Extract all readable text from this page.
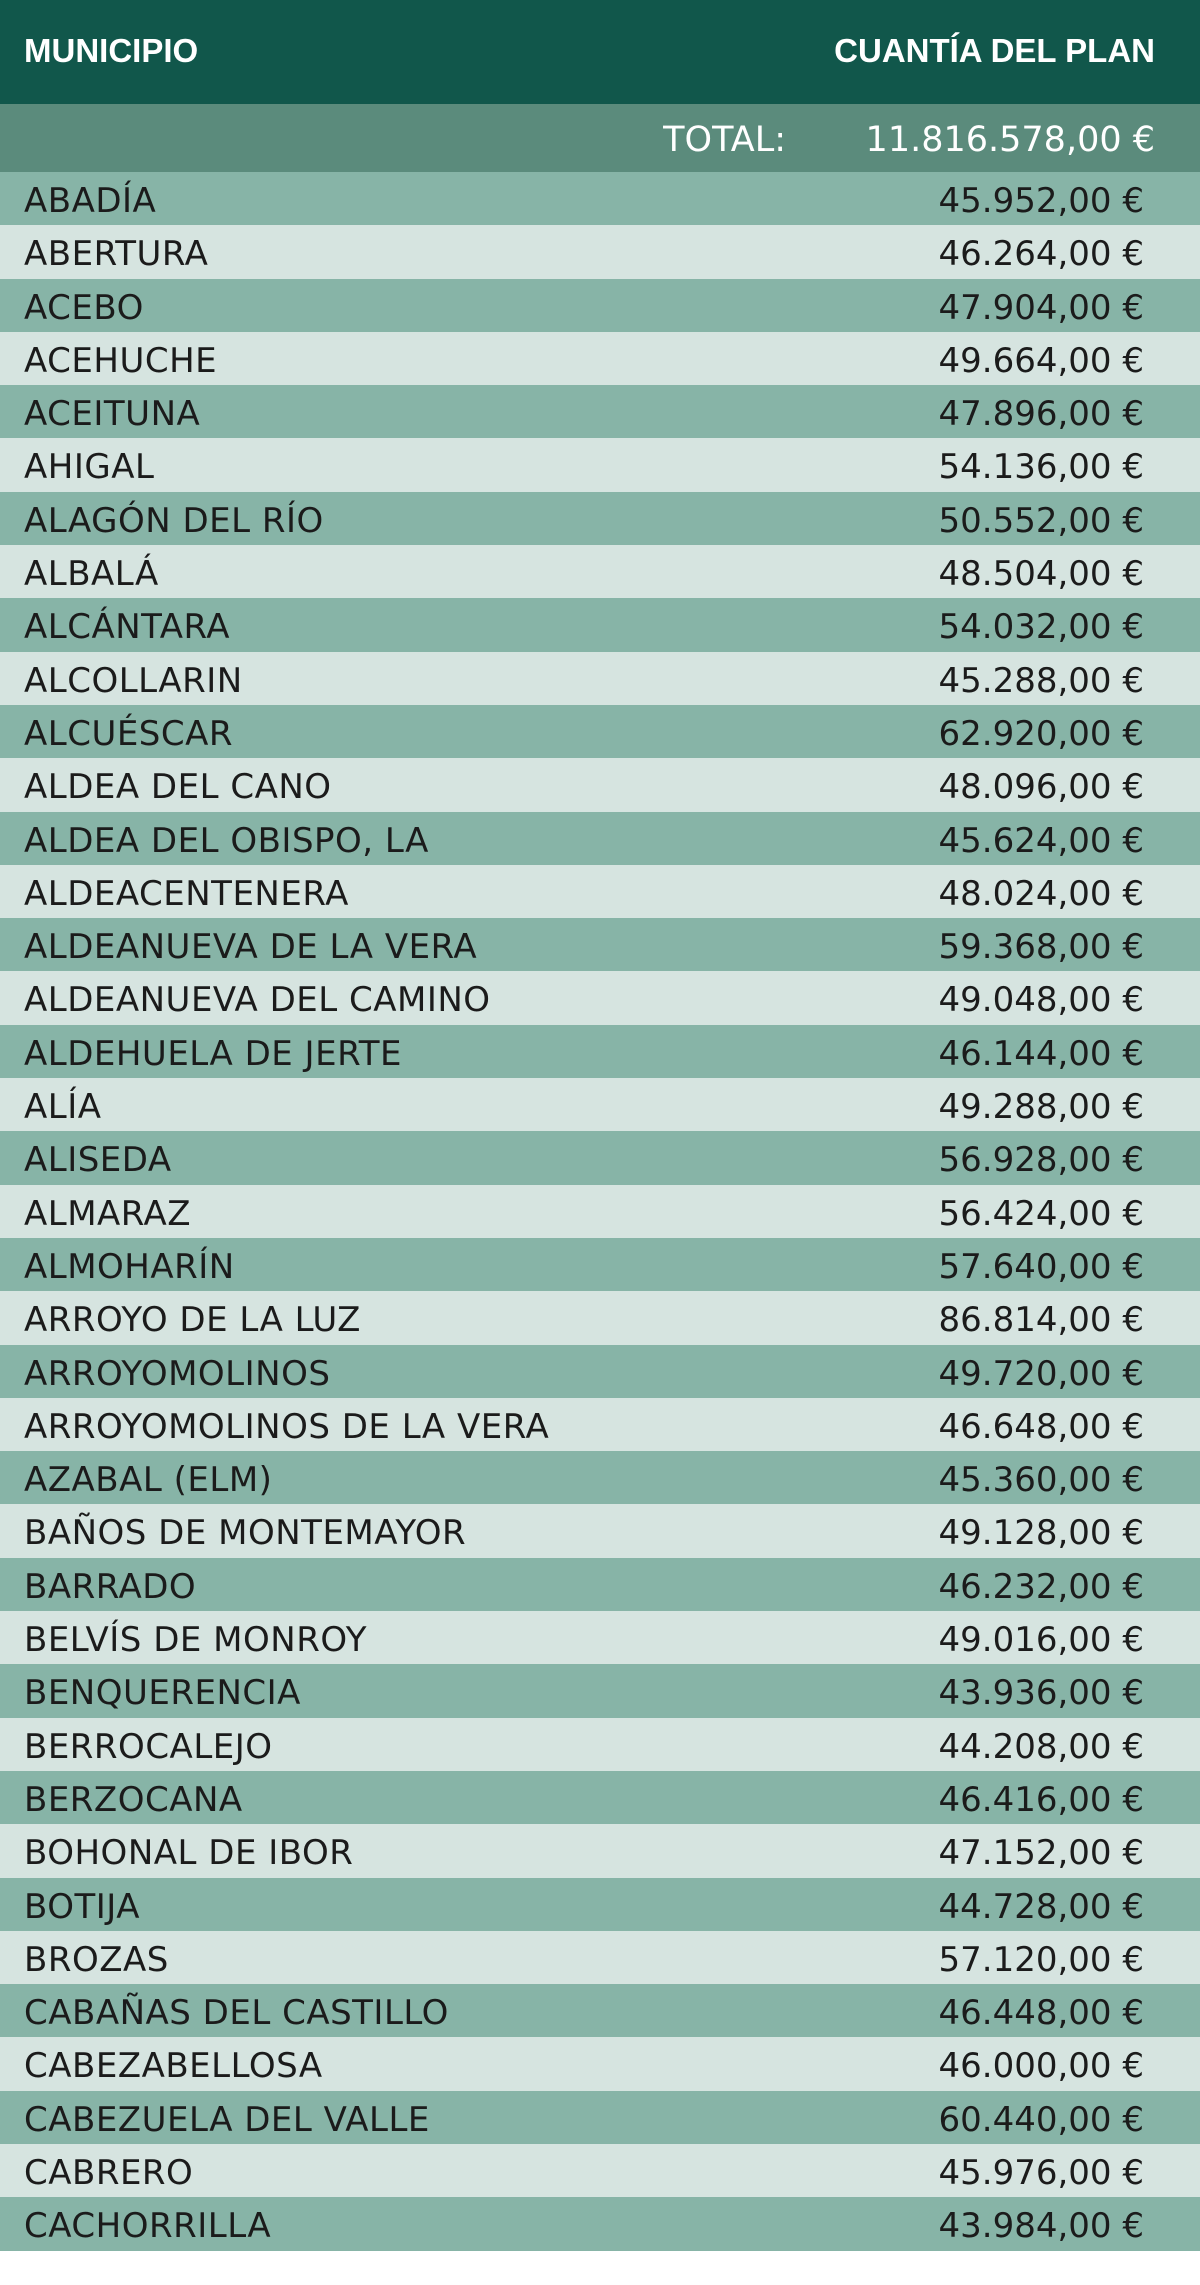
MUNICIPIO	CUANTÍA DEL PLAN
TOTAL: 11.816.578,00 €
ABADÍA	45.952,00 €
ABERTURA	46.264,00 €
ACEBO	47.904,00 €
ACEHUCHE	49.664,00 €
ACEITUNA	47.896,00 €
AHIGAL	54.136,00 €
ALAGÓN DEL RÍO	50.552,00 €
ALBALÁ	48.504,00 €
ALCÁNTARA	54.032,00 €
ALCOLLARIN	45.288,00 €
ALCUÉSCAR	62.920,00 €
ALDEA DEL CANO	48.096,00 €
ALDEA DEL OBISPO, LA	45.624,00 €
ALDEACENTENERA	48.024,00 €
ALDEANUEVA DE LA VERA	59.368,00 €
ALDEANUEVA DEL CAMINO	49.048,00 €
ALDEHUELA DE JERTE	46.144,00 €
ALÍA	49.288,00 €
ALISEDA	56.928,00 €
ALMARAZ	56.424,00 €
ALMOHARÍN	57.640,00 €
ARROYO DE LA LUZ	86.814,00 €
ARROYOMOLINOS	49.720,00 €
ARROYOMOLINOS DE LA VERA	46.648,00 €
AZABAL (ELM)	45.360,00 €
BAÑOS DE MONTEMAYOR	49.128,00 €
BARRADO	46.232,00 €
BELVÍS DE MONROY	49.016,00 €
BENQUERENCIA	43.936,00 €
BERROCALEJO	44.208,00 €
BERZOCANA	46.416,00 €
BOHONAL DE IBOR	47.152,00 €
BOTIJA	44.728,00 €
BROZAS	57.120,00 €
CABAÑAS DEL CASTILLO	46.448,00 €
CABEZABELLOSA	46.000,00 €
CABEZUELA DEL VALLE	60.440,00 €
CABRERO	45.976,00 €
CACHORRILLA	43.984,00 €
